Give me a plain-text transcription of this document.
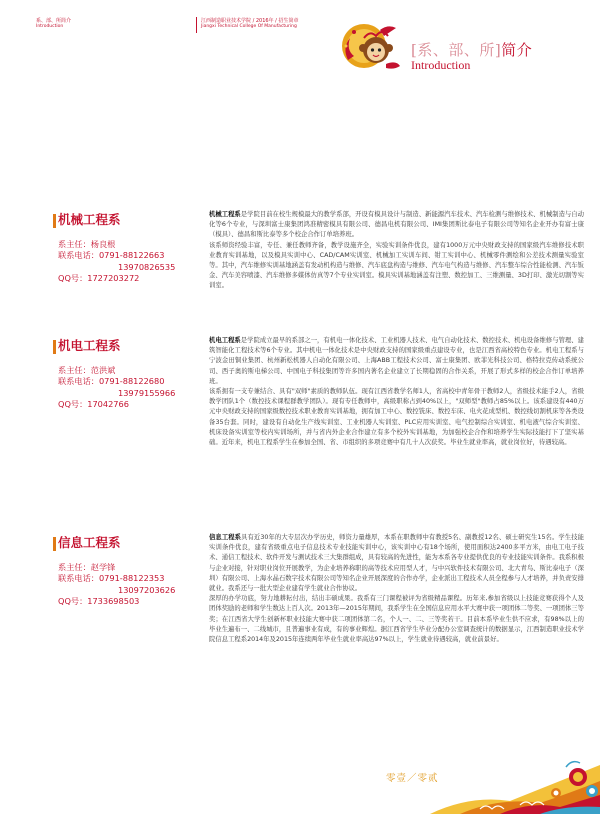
系、部、所简介
Introduction
江西制造职业技术学院 / 2016年 / 招生简章
Jiangxi Technical College Of Manufacturing
[系、部、所]简介
Introduction
机械工程系
系主任： 杨良根
联系电话： 0791-88122663
13970826535
QQ号： 1727203272

机械工程系是学院目前在校生规模最大的教学系部，开设有模具设计与制造、新能源汽车技术、汽车检测与维修技术、机械制造与自动化等6个专业，与深圳富士康集团鸿准精密模具有限公司、德昌电机有限公司、IMI集团斯比泰电子有限公司等知名企业开办有富士康（模具）、德昌和斯比泰等多个校企合作订单培养班。

该系师资经验丰富，专任、兼任教师齐备，教学设施齐全，实验实训条件优良，建有1000万元中央财政支持的国家级汽车维修技术职业教育实训基地，以及模具实训中心、CAD/CAM实训室、机械加工实训车间、钳工实训中心、机械零件测绘和公差技术测量实验室等。其中，汽车维修实训基地涵盖有发动机构造与维修、汽车底盘构造与维修、汽车电气构造与维修、汽车整车综合性能检测、汽车钣金、汽车美容喷漆、汽车维修多媒体仿真等7个专业实训室。模具实训基地涵盖有注塑、数控加工、三维测量、3D打印、激光切割等实训室。

机电工程系
系主任： 范洪斌
联系电话： 0791-88122680
13979155966
QQ号： 17042766

机电工程系是学院成立最早的系部之一，有机电一体化技术、工业机器人技术、电气自动化技术、数控技术、机电设备维修与管理、建筑智能化工程技术等6个专业。其中机电一体化技术是中央财政支持的国家级重点建设专业，也是江西省高校特色专业。机电工程系与宁波金田铜业集团、杭州新松机器人自动化有限公司、上海ABB工程技术公司、富士康集团、欧菲光科技公司、格特拉克传动系统公司、西子奥的斯电梯公司、中国电子科技集团等许多国内著名企业建立了长期稳固的合作关系，开展了形式多样的校企合作订单培养班。

该系拥有一支专兼结合、具有"双师"素质的教师队伍。现有江西省教学名师1人，省高校中青年骨干教师2人，省级技术能手2人，省级教学团队1个（数控技术课程群教学团队）。现有专任教师中，高级职称占到40%以上，"双师型"教师占85%以上。该系建设有440万元中央财政支持的国家级数控技术职业教育实训基地，拥有加工中心、数控铣床、数控车床、电火花成型机、数控线切割机床等各类设备35台套。同时，建设有自动化生产线实训室、工业机器人实训室、PLC应用实训室、电气控制综合实训室、机电液气综合实训室、机床设备实训室等校内实训场所，并与省内外企业合作建立有多个校外实训基地，为加强校企合作和培养学生实际技能打下了坚实基础。近年来，机电工程系学生在参加全国、省、市组织的多项竞赛中有几十人次获奖。毕业生就业率高，就业岗位好，待遇较高。

信息工程系
系主任： 赵学锋
联系电话： 0791-88122353
13097203626
QQ号： 1733698503

信息工程系具有近30年的大专层次办学历史，师资力量雄厚，本系在职教师中有教授5名、副教授12名、硕士研究生15名。学生技能实训条件优良，建有省级重点电子信息技术专业技能实训中心，该实训中心有18个场所，使用面积达2400多平方米，由电工电子技术、通信工程技术、软件开发与测试技术三大集群组成，具有较高的先进性，能为本系各专业提供优良的专业技能实训条件。我系积极与企业对接，针对职业岗位开展教学，为企业培养称职的高等技术应用型人才，与中兴软件技术有限公司、北大青鸟、斯比泰电子（深圳）有限公司、上海水晶石数字技术有限公司等知名企业开展深度的合作办学，企业派出工程技术人员全程参与人才培养，并负责安排就业。我系还与一批大型企业建有学生就业合作协议。

深厚的办学功底，努力地耕耘付出，结出丰硕成果。我系有三门课程被评为省级精品课程。历年来,参加省级以上技能竞赛获得个人及团体奖励的老师和学生数达上百人次。2013年—2015年期间，我系学生在全国信息应用水平大赛中获一项团体二等奖、一项团体三等奖；在江西省大学生创新杯职业技能大赛中获二项团体第二名，个人一、二、三等奖若干。目前本系毕业生供不应求，有98%以上的毕业生遍布一、二线城市，且普遍事业有成，有的事业辉煌。据江西省学生毕业分配办公室调查统计的数据显示，江西制造职业技术学院信息工程系2014年及2015年连续两年毕业生就业率高达97%以上，学生就业待遇较高，就业前景好。

零壹／零贰
